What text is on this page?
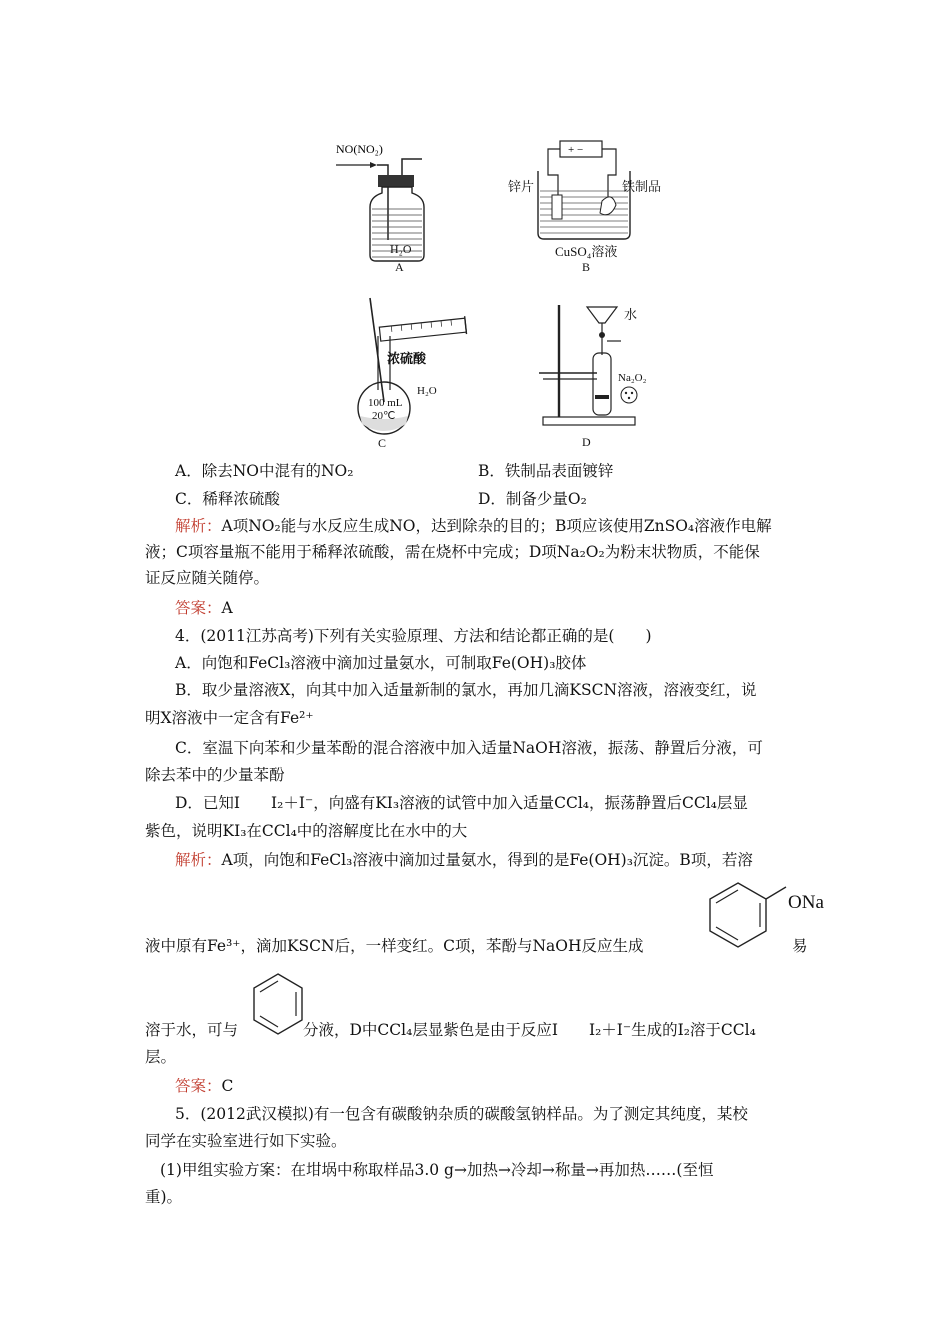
NO(NO₂)
H₂O
A
+ −
锌片	铁制品
CuSO₄溶液
B
浓硫酸
100 mL
20℃
H₂O
C
水
Na₂O₂
D
A．除去NO中混有的NO₂	B．铁制品表面镀锌
C．稀释浓硫酸	D．制备少量O₂
解析：A项NO₂能与水反应生成NO，达到除杂的目的；B项应该使用ZnSO₄溶液作电解
液；C项容量瓶不能用于稀释浓硫酸，需在烧杯中完成；D项Na₂O₂为粉末状物质，不能保
证反应随关随停。
答案：A
4．(2011江苏高考)下列有关实验原理、方法和结论都正确的是(　　)
A．向饱和FeCl₃溶液中滴加过量氨水，可制取Fe(OH)₃胶体
B．取少量溶液X，向其中加入适量新制的氯水，再加几滴KSCN溶液，溶液变红，说
明X溶液中一定含有Fe²⁺
C．室温下向苯和少量苯酚的混合溶液中加入适量NaOH溶液，振荡、静置后分液，可
除去苯中的少量苯酚
D．已知I　　I₂＋I⁻，向盛有KI₃溶液的试管中加入适量CCl₄，振荡静置后CCl₄层显
紫色，说明KI₃在CCl₄中的溶解度比在水中的大
解析：A项，向饱和FeCl₃溶液中滴加过量氨水，得到的是Fe(OH)₃沉淀。B项，若溶
ONa
液中原有Fe³⁺，滴加KSCN后，一样变红。C项，苯酚与NaOH反应生成	易
溶于水，可与	分液，D中CCl₄层显紫色是由于反应I　　I₂＋I⁻生成的I₂溶于CCl₄
层。
答案：C
5．(2012武汉模拟)有一包含有碳酸钠杂质的碳酸氢钠样品。为了测定其纯度，某校
同学在实验室进行如下实验。
(1)甲组实验方案：在坩埚中称取样品3.0 g→加热→冷却→称量→再加热……(至恒
重)。
